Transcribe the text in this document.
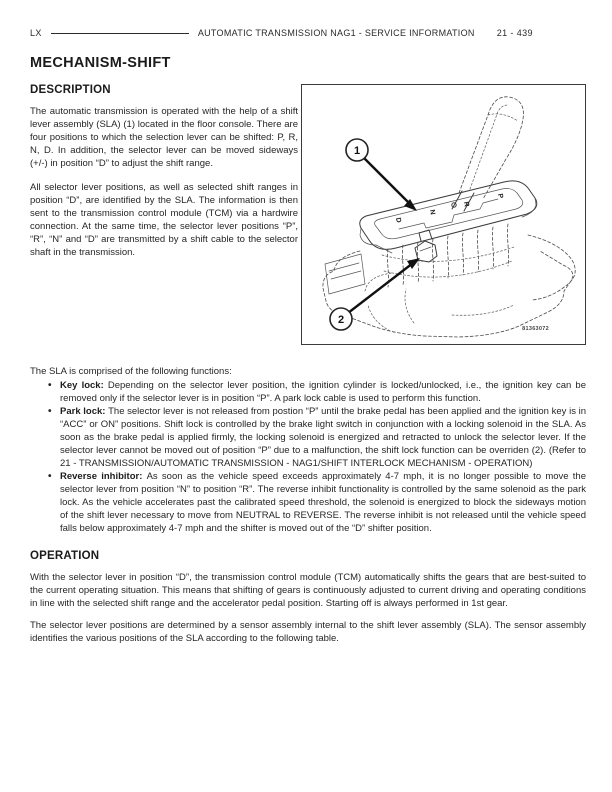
LX	AUTOMATIC TRANSMISSION NAG1 - SERVICE INFORMATION 21 - 439
MECHANISM-SHIFT
DESCRIPTION

The automatic transmission is operated with the help of a shift lever assembly (SLA) (1) located in the floor console. There are four positions to which the selection lever can be shifted: P, R, N, D. In addition, the selector lever can be moved sideways (+/-) in position “D” to adjust the shift range.

All selector lever positions, as well as selected shift ranges in position “D”, are identified by the SLA. The information is then sent to the transmission control module (TCM) via a hardwire connection. At the same time, the selector lever positions “P”, “R”, “N” and “D” are transmitted by a shift cable to the selector shaft in the transmission.

P
R
N
D
1
2
81363072

The SLA is comprised of the following functions:

• Key lock: Depending on the selector lever position, the ignition cylinder is locked/unlocked, i.e., the ignition key can be removed only if the selector lever is in position “P”. A park lock cable is used to perform this function.
• Park lock: The selector lever is not released from postion “P” until the brake pedal has been applied and the ignition key is in “ACC” or ON” positions. Shift lock is controlled by the brake light switch in conjunction with a locking solenoid in the SLA. As soon as the brake pedal is applied firmly, the locking solenoid is energized and retracted to unlock the selector lever. If the selector lever cannot be moved out of position “P” due to a malfunction, the shift lock function can be overriden (2). (Refer to 21 - TRANSMISSION/AUTOMATIC TRANSMISSION - NAG1/SHIFT INTERLOCK MECHANISM - OPERATION)
• Reverse inhibitor: As soon as the vehicle speed exceeds approximately 4-7 mph, it is no longer possible to move the selector lever from position “N” to position “R”. The reverse inhibit functionality is controlled by the same solenoid as the park lock. As the vehicle accelerates past the calibrated speed threshold, the solenoid is energized to block the sideways motion of the shift lever necessary to move from NEUTRAL to REVERSE. The reverse inhibit is not released until the vehicle speed falls below approximately 4-7 mph and the shifter is moved out of the “D” shifter position.
OPERATION

With the selector lever in position “D”, the transmission control module (TCM) automatically shifts the gears that are best-suited to the current operating situation. This means that shifting of gears is continuously adjusted to current driving and operating conditions in line with the selected shift range and the accelerator pedal position. Starting off is always performed in 1st gear.

The selector lever positions are determined by a sensor assembly internal to the shift lever assembly (SLA). The sensor assembly identifies the various positions of the SLA according to the following table.
